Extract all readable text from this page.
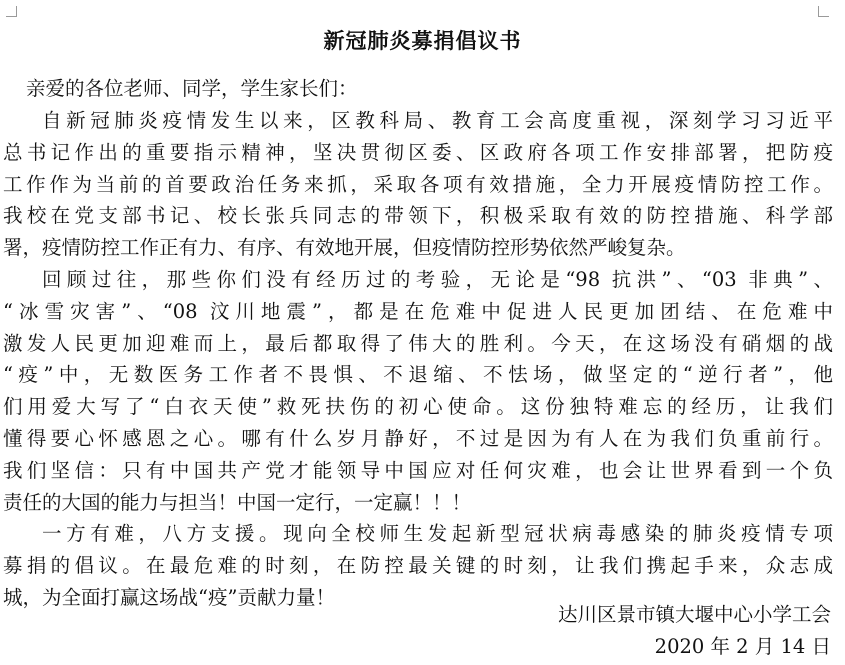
新冠肺炎募捐倡议书
亲爱的各位老师、同学，学生家长们：
自新冠肺炎疫情发生以来，区教科局、教育工会高度重视，深刻学习习近平
总书记作出的重要指示精神，坚决贯彻区委、区政府各项工作安排部署，把防疫
工作作为当前的首要政治任务来抓，采取各项有效措施，全力开展疫情防控工作。
我校在党支部书记、校长张兵同志的带领下，积极采取有效的防控措施、科学部
署，疫情防控工作正有力、有序、有效地开展，但疫情防控形势依然严峻复杂。
回顾过往，那些你们没有经历过的考验，无论是“98 抗洪”、“03 非典”、
“冰雪灾害”、“08 汶川地震”，都是在危难中促进人民更加团结、在危难中
激发人民更加迎难而上，最后都取得了伟大的胜利。今天，在这场没有硝烟的战
“疫”中，无数医务工作者不畏惧、不退缩、不怯场，做坚定的“逆行者”，他
们用爱大写了“白衣天使”救死扶伤的初心使命。这份独特难忘的经历，让我们
懂得要心怀感恩之心。哪有什么岁月静好，不过是因为有人在为我们负重前行。
我们坚信：只有中国共产党才能领导中国应对任何灾难，也会让世界看到一个负
责任的大国的能力与担当！中国一定行，一定赢！！！
一方有难，八方支援。现向全校师生发起新型冠状病毒感染的肺炎疫情专项
募捐的倡议。在最危难的时刻，在防控最关键的时刻，让我们携起手来，众志成
城，为全面打赢这场战“疫”贡献力量！
达川区景市镇大堰中心小学工会
2020 年 2 月 14 日
